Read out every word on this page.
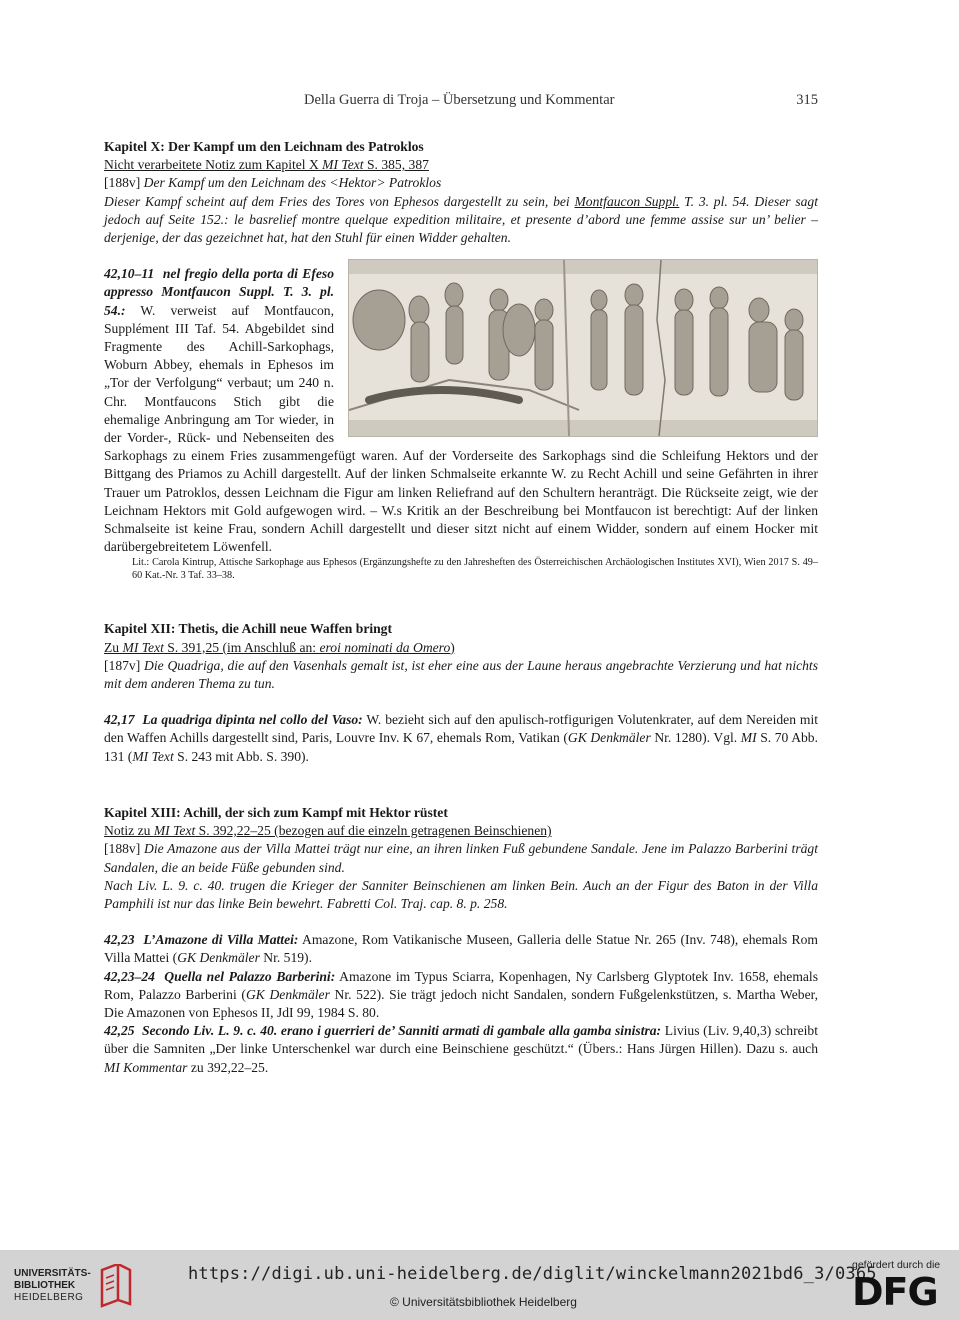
Della Guerra di Troja – Übersetzung und Kommentar	315

Kapitel X: Der Kampf um den Leichnam des Patroklos

Nicht verarbeitete Notiz zum Kapitel X MI Text S. 385, 387

[188v] Der Kampf um den Leichnam des <Hektor> Patroklos

Dieser Kampf scheint auf dem Fries des Tores von Ephesos dargestellt zu sein, bei Montfaucon Suppl. T. 3. pl. 54. Dieser sagt jedoch auf Seite 152.: le basrelief montre quelque expedition militaire, et presente d’abord une femme assise sur un’ belier – derjenige, der das gezeichnet hat, hat den Stuhl für einen Widder gehalten.

42,10–11 nel fregio della porta di Efeso appresso Montfaucon Suppl. T. 3. pl. 54.: W. verweist auf Montfaucon, Supplément III Taf. 54. Abgebildet sind Fragmente des Achill-Sarkophags, Woburn Abbey, ehemals in Ephesos im „Tor der Verfolgung“ verbaut; um 240 n. Chr. Montfaucons Stich gibt die ehemalige Anbringung am Tor wieder, in der Vorder-, Rück- und Nebenseiten des Sarkophags zu einem Fries zusammengefügt waren. Auf der Vorderseite des Sarkophags sind die Schleifung Hektors und der Bittgang des Priamos zu Achill dargestellt. Auf der linken Schmalseite erkannte W. zu Recht Achill und seine Gefährten in ihrer Trauer um Patroklos, dessen Leichnam die Figur am linken Reliefrand auf den Schultern heranträgt. Die Rückseite zeigt, wie der Leichnam Hektors mit Gold aufgewogen wird. – W.s Kritik an der Beschreibung bei Montfaucon ist berechtigt: Auf der linken Schmalseite ist keine Frau, sondern Achill dargestellt und dieser sitzt nicht auf einem Widder, sondern auf einem Hocker mit darübergebreitetem Löwenfell.

Lit.: Carola Kintrup, Attische Sarkophage aus Ephesos (Ergänzungshefte zu den Jahresheften des Österreichischen Archäologischen Institutes XVI), Wien 2017 S. 49–60 Kat.-Nr. 3 Taf. 33–38.

Kapitel XII: Thetis, die Achill neue Waffen bringt

Zu MI Text S. 391,25 (im Anschluß an: eroi nominati da Omero)

[187v] Die Quadriga, die auf den Vasenhals gemalt ist, ist eher eine aus der Laune heraus angebrachte Verzierung und hat nichts mit dem anderen Thema zu tun.

42,17 La quadriga dipinta nel collo del Vaso: W. bezieht sich auf den apulisch-rotfigurigen Volutenkrater, auf dem Nereiden mit den Waffen Achills dargestellt sind, Paris, Louvre Inv. K 67, ehemals Rom, Vatikan (GK Denkmäler Nr. 1280). Vgl. MI S. 70 Abb. 131 (MI Text S. 243 mit Abb. S. 390).

Kapitel XIII: Achill, der sich zum Kampf mit Hektor rüstet

Notiz zu MI Text S. 392,22–25 (bezogen auf die einzeln getragenen Beinschienen)

[188v] Die Amazone aus der Villa Mattei trägt nur eine, an ihren linken Fuß gebundene Sandale. Jene im Palazzo Barberini trägt Sandalen, die an beide Füße gebunden sind.

Nach Liv. L. 9. c. 40. trugen die Krieger der Sanniter Beinschienen am linken Bein. Auch an der Figur des Baton in der Villa Pamphili ist nur das linke Bein bewehrt. Fabretti Col. Traj. cap. 8. p. 258.

42,23 L’Amazone di Villa Mattei: Amazone, Rom Vatikanische Museen, Galleria delle Statue Nr. 265 (Inv. 748), ehemals Rom Villa Mattei (GK Denkmäler Nr. 519).

42,23–24 Quella nel Palazzo Barberini: Amazone im Typus Sciarra, Kopenhagen, Ny Carlsberg Glyptotek Inv. 1658, ehemals Rom, Palazzo Barberini (GK Denkmäler Nr. 522). Sie trägt jedoch nicht Sandalen, sondern Fußgelenkstützen, s. Martha Weber, Die Amazonen von Ephesos II, JdI 99, 1984 S. 80.

42,25 Secondo Liv. L. 9. c. 40. erano i guerrieri de’ Sanniti armati di gambale alla gamba sinistra: Livius (Liv. 9,40,3) schreibt über die Samniten „Der linke Unterschenkel war durch eine Beinschiene geschützt.“ (Übers.: Hans Jürgen Hillen). Dazu s. auch MI Kommentar zu 392,22–25.

UNIVERSITÄTS-
BIBLIOTHEK
HEIDELBERG
https://digi.ub.uni-heidelberg.de/diglit/winckelmann2021bd6_3/0365
© Universitätsbibliothek Heidelberg
gefördert durch die
DFG
